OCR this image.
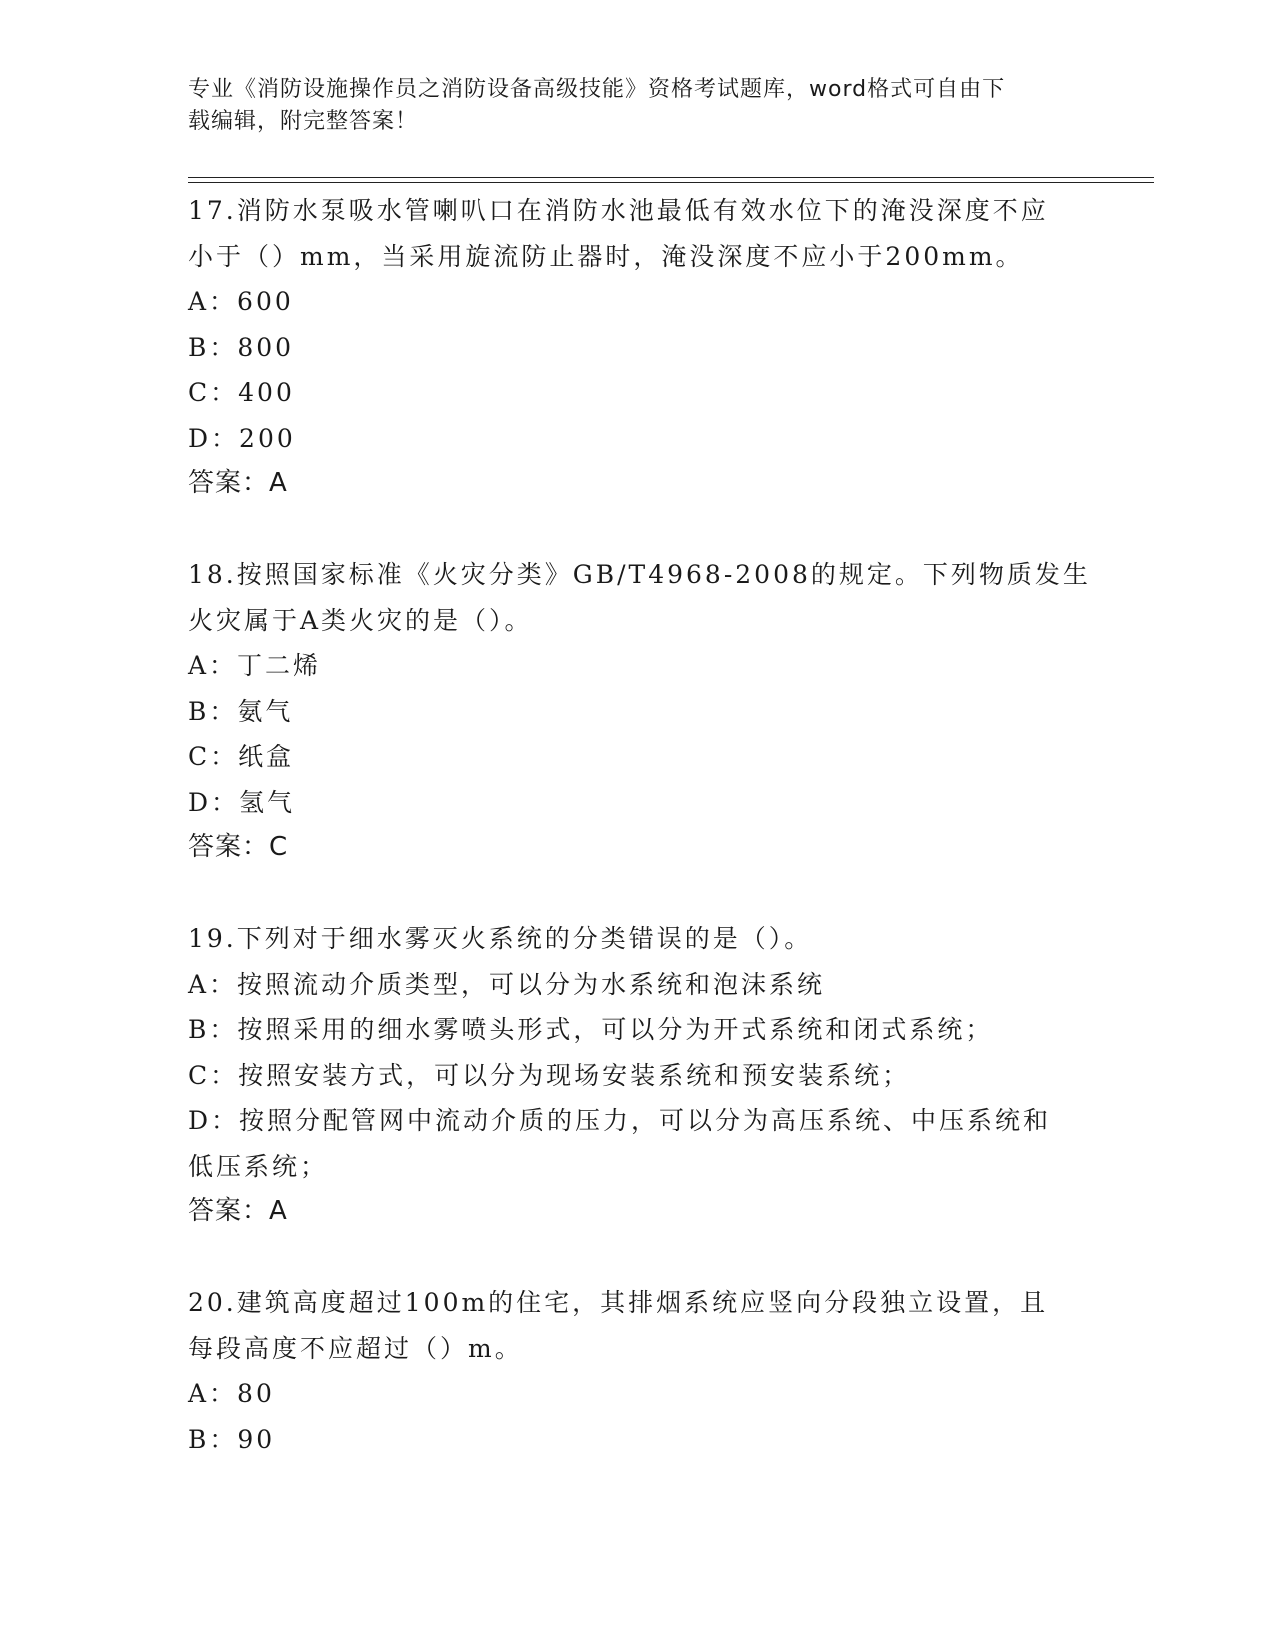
专业《消防设施操作员之消防设备高级技能》资格考试题库，word格式可自由下
载编辑，附完整答案！
17.消防水泵吸水管喇叭口在消防水池最低有效水位下的淹没深度不应
小于（）mm，当采用旋流防止器时，淹没深度不应小于200mm。
A：600
B：800
C：400
D：200
答案：A
18.按照国家标准《火灾分类》GB/T4968-2008的规定。下列物质发生
火灾属于A类火灾的是（）。
A：丁二烯
B：氨气
C：纸盒
D：氢气
答案：C
19.下列对于细水雾灭火系统的分类错误的是（）。
A：按照流动介质类型，可以分为水系统和泡沫系统
B：按照采用的细水雾喷头形式，可以分为开式系统和闭式系统；
C：按照安装方式，可以分为现场安装系统和预安装系统；
D：按照分配管网中流动介质的压力，可以分为高压系统、中压系统和
低压系统；
答案：A
20.建筑高度超过100m的住宅，其排烟系统应竖向分段独立设置，且
每段高度不应超过（）m。
A：80
B：90
